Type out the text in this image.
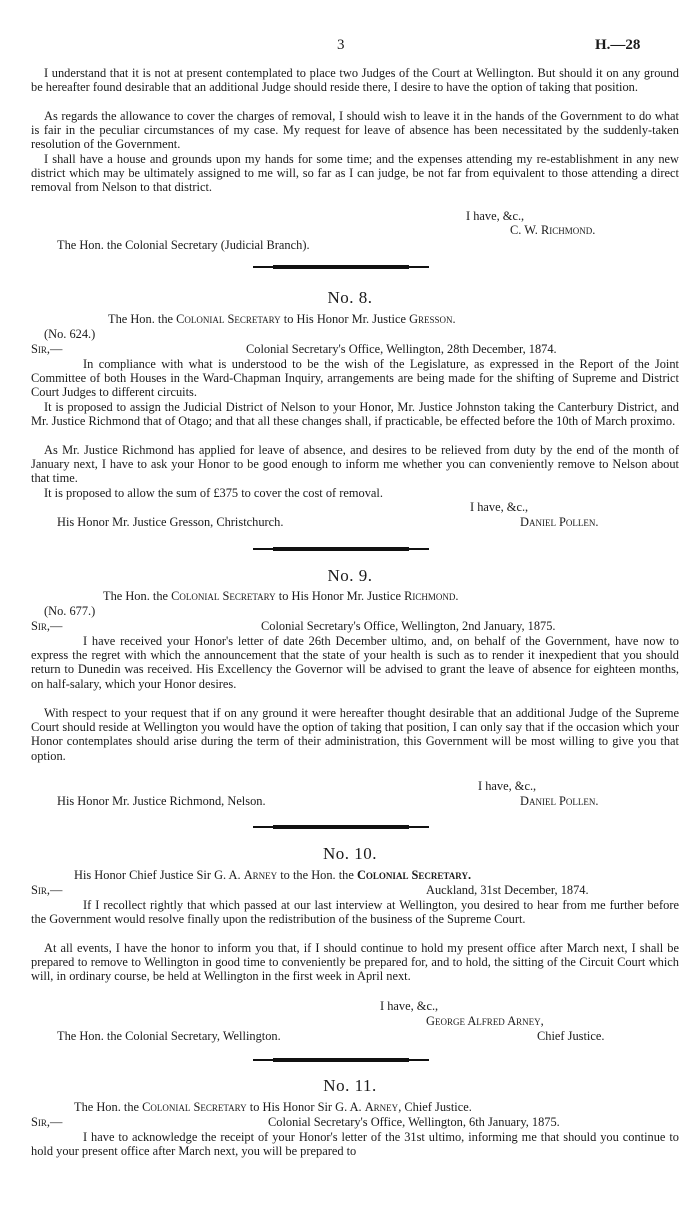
3	H.—28
I understand that it is not at present contemplated to place two Judges of the Court at Wellington. But should it on any ground be hereafter found desirable that an additional Judge should reside there, I desire to have the option of taking that position.
As regards the allowance to cover the charges of removal, I should wish to leave it in the hands of the Government to do what is fair in the peculiar circumstances of my case. My request for leave of absence has been necessitated by the suddenly-taken resolution of the Government.
I shall have a house and grounds upon my hands for some time; and the expenses attending my re-establishment in any new district which may be ultimately assigned to me will, so far as I can judge, be not far from equivalent to those attending a direct removal from Nelson to that district.
I have, &c.,
C. W. Richmond.
The Hon. the Colonial Secretary (Judicial Branch).
No. 8.
The Hon. the Colonial Secretary to His Honor Mr. Justice Gresson.
(No. 624.)
Sir,—	Colonial Secretary's Office, Wellington, 28th December, 1874.
In compliance with what is understood to be the wish of the Legislature, as expressed in the Report of the Joint Committee of both Houses in the Ward-Chapman Inquiry, arrangements are being made for the shifting of Supreme and District Court Judges to different circuits.
It is proposed to assign the Judicial District of Nelson to your Honor, Mr. Justice Johnston taking the Canterbury District, and Mr. Justice Richmond that of Otago; and that all these changes shall, if practicable, be effected before the 10th of March proximo.
As Mr. Justice Richmond has applied for leave of absence, and desires to be relieved from duty by the end of the month of January next, I have to ask your Honor to be good enough to inform me whether you can conveniently remove to Nelson about that time.
It is proposed to allow the sum of £375 to cover the cost of removal.
I have, &c.,
His Honor Mr. Justice Gresson, Christchurch.	Daniel Pollen.
No. 9.
The Hon. the Colonial Secretary to His Honor Mr. Justice Richmond.
(No. 677.)
Sir,—	Colonial Secretary's Office, Wellington, 2nd January, 1875.
I have received your Honor's letter of date 26th December ultimo, and, on behalf of the Government, have now to express the regret with which the announcement that the state of your health is such as to render it inexpedient that you should return to Dunedin was received. His Excellency the Governor will be advised to grant the leave of absence for eighteen months, on half-salary, which your Honor desires.
With respect to your request that if on any ground it were hereafter thought desirable that an additional Judge of the Supreme Court should reside at Wellington you would have the option of taking that position, I can only say that if the occasion which your Honor contemplates should arise during the term of their administration, this Government will be most willing to give you that option.
I have, &c.,
His Honor Mr. Justice Richmond, Nelson.	Daniel Pollen.
No. 10.
His Honor Chief Justice Sir G. A. Arney to the Hon. the Colonial Secretary.
Sir,—	Auckland, 31st December, 1874.
If I recollect rightly that which passed at our last interview at Wellington, you desired to hear from me further before the Government would resolve finally upon the redistribution of the business of the Supreme Court.
At all events, I have the honor to inform you that, if I should continue to hold my present office after March next, I shall be prepared to remove to Wellington in good time to conveniently be prepared for, and to hold, the sitting of the Circuit Court which will, in ordinary course, be held at Wellington in the first week in April next.
I have, &c.,
George Alfred Arney,
The Hon. the Colonial Secretary, Wellington.	Chief Justice.
No. 11.
The Hon. the Colonial Secretary to His Honor Sir G. A. Arney, Chief Justice.
Sir,—	Colonial Secretary's Office, Wellington, 6th January, 1875.
I have to acknowledge the receipt of your Honor's letter of the 31st ultimo, informing me that should you continue to hold your present office after March next, you will be prepared to
